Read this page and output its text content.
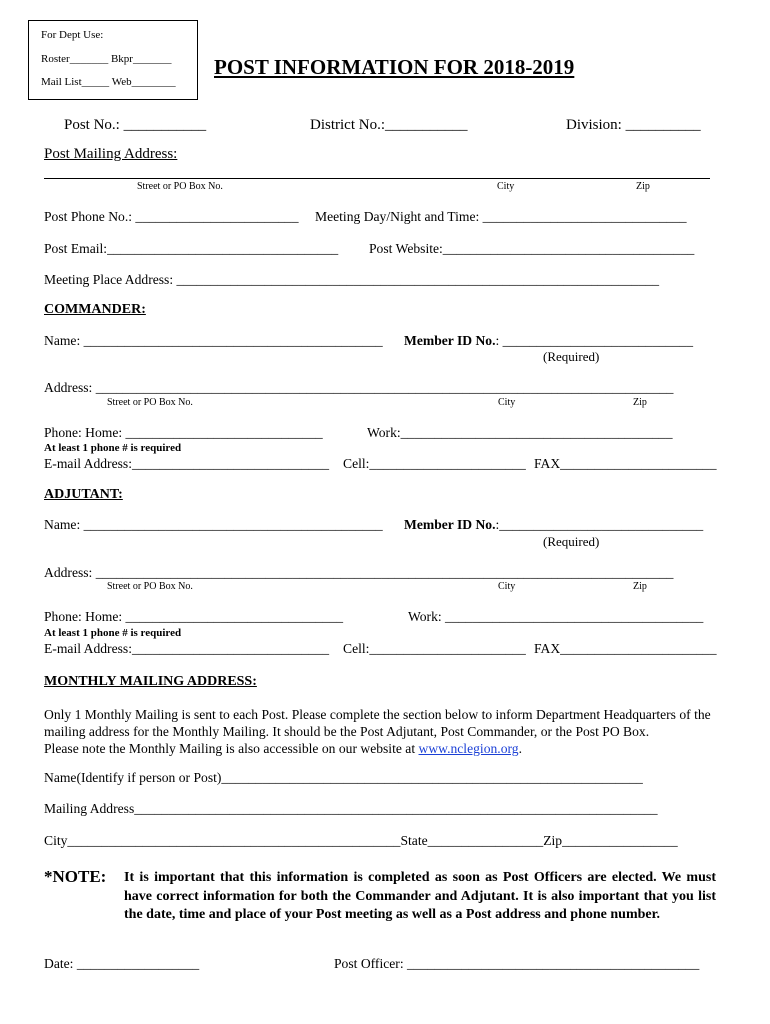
For Dept Use:
Roster_______ Bkpr_______
Mail List_____ Web________
POST INFORMATION FOR 2018-2019
Post No.: ___________	District No.:___________	Division: __________
Post Mailing Address:
Street or PO Box No.	City	Zip
Post Phone No.: ________________________ Meeting Day/Night and Time: ______________________________
Post Email:__________________________________ Post Website:_____________________________________
Meeting Place Address: _______________________________________________________________________
COMMANDER:
Name: ____________________________________________ Member ID No.: ____________________________
(Required)
Address: _____________________________________________________________________________________
Street or PO Box No.	City	Zip
Phone: Home: _____________________________	Work:________________________________________
At least 1 phone # is required
E-mail Address:_____________________________ Cell:_______________________ FAX_______________________
ADJUTANT:
Name: ____________________________________________ Member ID No.:______________________________
(Required)
Address: _____________________________________________________________________________________
Street or PO Box No.	City	Zip
Phone: Home: ________________________________	Work: ______________________________________
At least 1 phone # is required
E-mail Address:_____________________________ Cell:_______________________ FAX_______________________
MONTHLY MAILING ADDRESS:
Only 1 Monthly Mailing is sent to each Post. Please complete the section below to inform Department Headquarters of the mailing address for the Monthly Mailing. It should be the Post Adjutant, Post Commander, or the Post PO Box.
Please note the Monthly Mailing is also accessible on our website at www.nclegion.org.
Name(Identify if person or Post)______________________________________________________________
Mailing Address_____________________________________________________________________________
City_________________________________________________State_________________Zip_________________
*NOTE: It is important that this information is completed as soon as Post Officers are elected. We must have correct information for both the Commander and Adjutant. It is also important that you list the date, time and place of your Post meeting as well as a Post address and phone number.
Date: __________________	Post Officer: ___________________________________________
